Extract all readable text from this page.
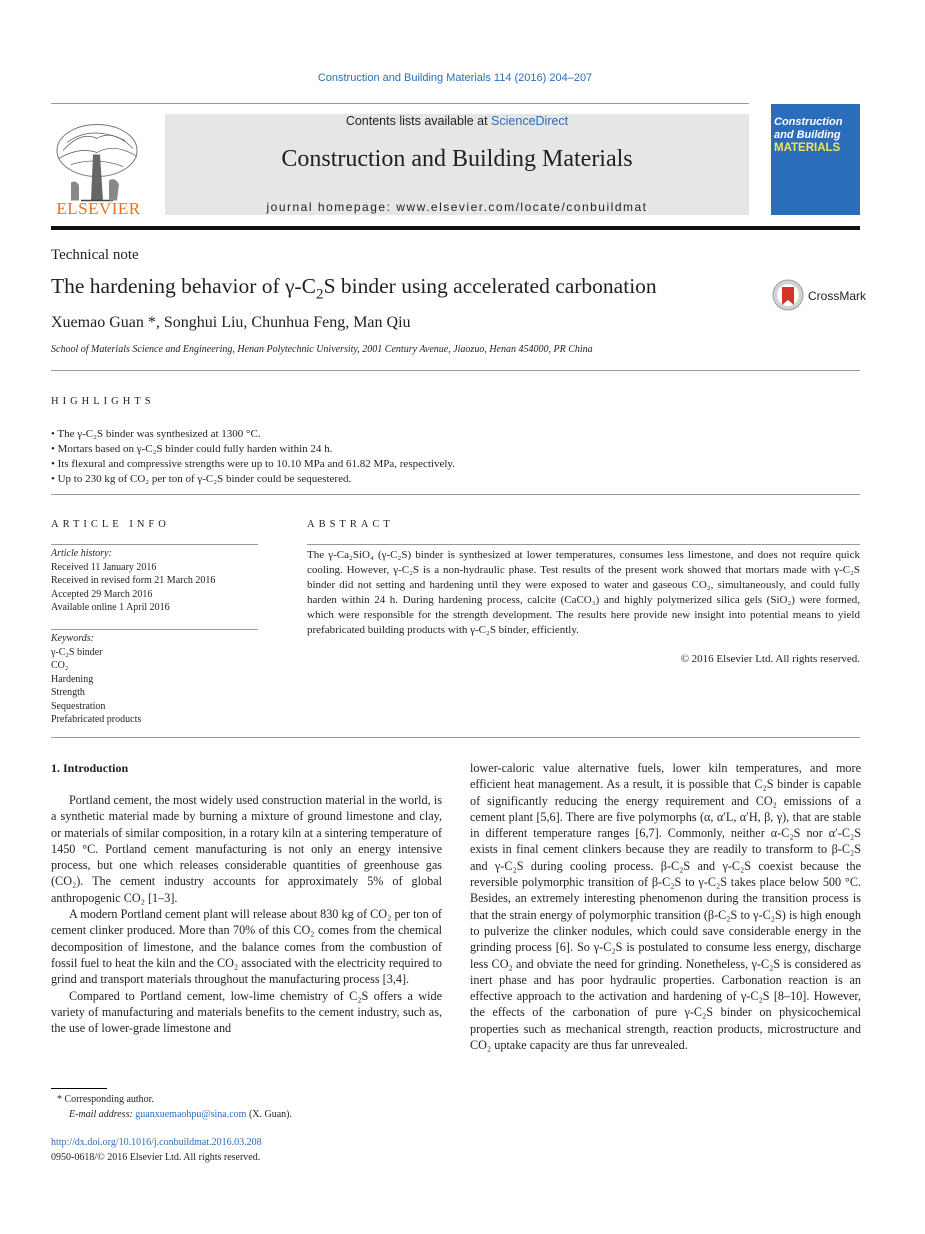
Construction and Building Materials 114 (2016) 204–207
ELSEVIER
Contents lists available at ScienceDirect
Construction and Building Materials
journal homepage: www.elsevier.com/locate/conbuildmat
Construction
and Building
MATERIALS
Technical note
The hardening behavior of $\gamma-C_2S$ binder using accelerated carbonation	CrossMark
Xuemao Guan *, Songhui Liu, Chunhua Feng, Man Qiu
School of Materials Science and Engineering, Henan Polytechnic University, 2001 Century Avenue, Jiaozuo, Henan 454000, PR China
HIGHLIGHTS
• The γ-C₂S binder was synthesized at 1300 °C.
• Mortars based on γ-C₂S binder could fully harden within 24 h.
• Its flexural and compressive strengths were up to 10.10 MPa and 61.82 MPa, respectively.
• Up to 230 kg of CO₂ per ton of γ-C₂S binder could be sequestered.
ARTICLE INFO
Article history:
Received 11 January 2016
Received in revised form 21 March 2016
Accepted 29 March 2016
Available online 1 April 2016
Keywords:
γ-C₂S binder
CO₂
Hardening
Strength
Sequestration
Prefabricated products
ABSTRACT

The γ-Ca₂SiO₄ (γ-C₂S) binder is synthesized at lower temperatures, consumes less limestone, and does not require quick cooling. However, γ-C₂S is a non-hydraulic phase. Test results of the present work showed that mortars made with γ-C₂S binder did not setting and hardening until they were exposed to water and gaseous CO₂, simultaneously, and could fully harden within 24 h. During hardening process, calcite (CaCO₃) and highly polymerized silica gels (SiO₂) were formed, which were responsible for the strength development. The results here provide new insight into potential means to yield prefabricated building products with γ-C₂S binder, efficiently.

© 2016 Elsevier Ltd. All rights reserved.
1. Introduction

Portland cement, the most widely used construction material in the world, is a synthetic material made by burning a mixture of ground limestone and clay, or materials of similar composition, in a rotary kiln at a sintering temperature of 1450 °C. Portland cement manufacturing is not only an energy intensive process, but one which releases considerable quantities of greenhouse gas (CO₂). The cement industry accounts for approximately 5% of global anthropogenic CO₂ [1–3].

A modern Portland cement plant will release about 830 kg of CO₂ per ton of cement clinker produced. More than 70% of this CO₂ comes from the chemical decomposition of limestone, and the balance comes from the combustion of fossil fuel to heat the kiln and the CO₂ associated with the electricity required to grind and transport materials throughout the manufacturing process [3,4].

Compared to Portland cement, low-lime chemistry of C₂S offers a wide variety of manufacturing and materials benefits to the cement industry, such as, the use of lower-grade limestone and

lower-caloric value alternative fuels, lower kiln temperatures, and more efficient heat management. As a result, it is possible that C₂S binder is capable of significantly reducing the energy requirement and CO₂ emissions of a cement plant [5,6]. There are five polymorphs (α, α′L, α′H, β, γ), that are stable in different temperature ranges [6,7]. Commonly, neither α-C₂S nor α′-C₂S exists in final cement clinkers because they are readily to transform to β-C₂S and γ-C₂S during cooling process. β-C₂S and γ-C₂S coexist because the reversible polymorphic transition of β-C₂S to γ-C₂S takes place below 500 °C. Besides, an extremely interesting phenomenon during the transition process is that the strain energy of polymorphic transition (β-C₂S to γ-C₂S) is high enough to pulverize the clinker nodules, which could save considerable energy in the grinding process [6]. So γ-C₂S is postulated to consume less energy, discharge less CO₂ and obviate the need for grinding. Nonetheless, γ-C₂S is considered as inert phase and has poor hydraulic properties. Carbonation reaction is an effective approach to the activation and hardening of γ-C₂S [8–10]. However, the effects of the carbonation of pure γ-C₂S binder on physicochemical properties such as mechanical strength, reaction products, microstructure and CO₂ uptake capacity are thus far unrevealed.

* Corresponding author.
E-mail address: guanxuemaohpu@sina.com (X. Guan).
http://dx.doi.org/10.1016/j.conbuildmat.2016.03.208
0950-0618/© 2016 Elsevier Ltd. All rights reserved.
